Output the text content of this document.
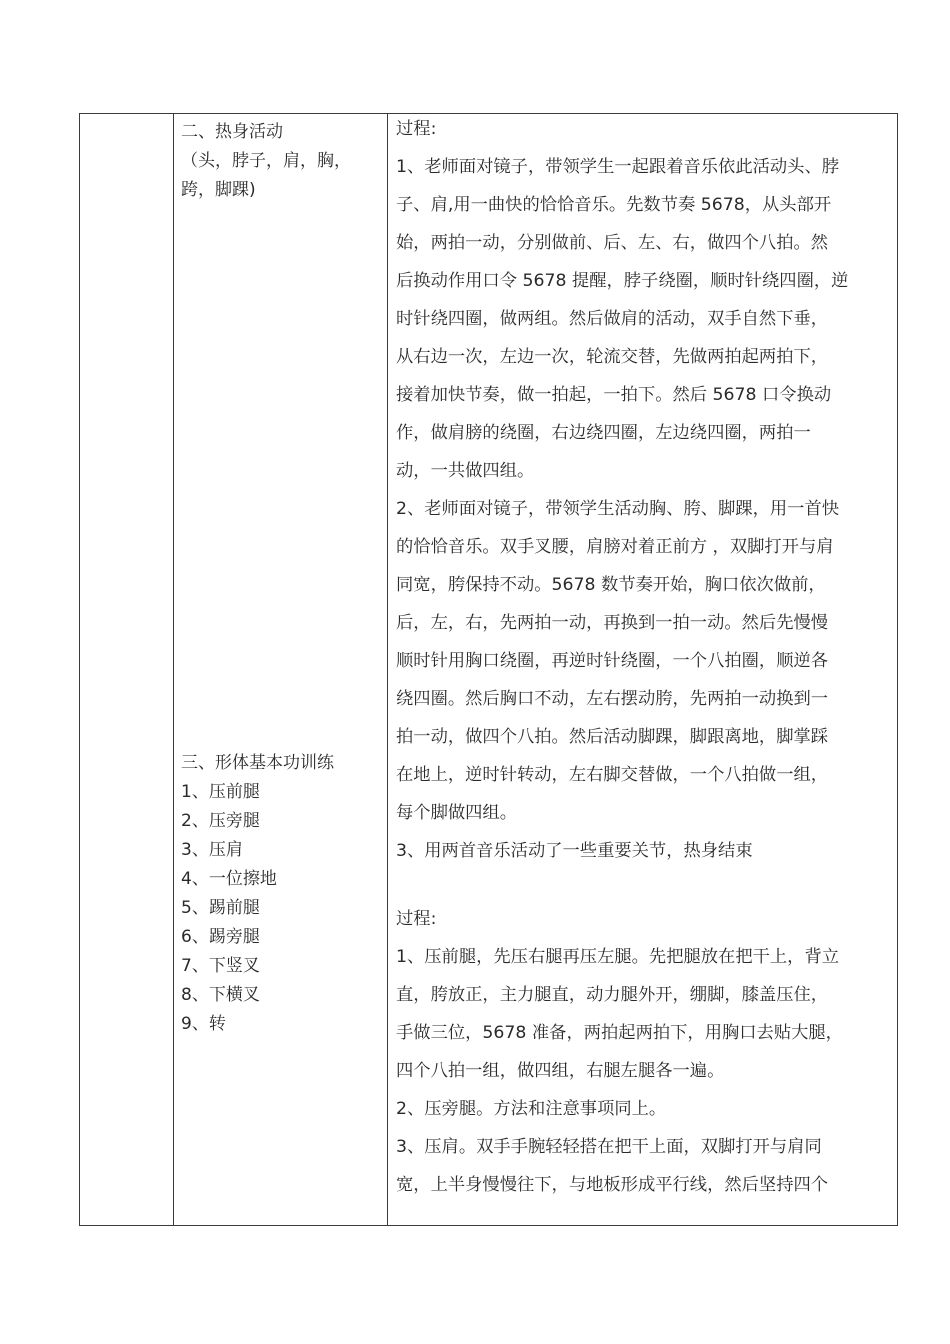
二、热身活动
（头，脖子，肩，胸，
跨，脚踝)
三、形体基本功训练
1、压前腿
2、压旁腿
3、压肩
4、一位擦地
5、踢前腿
6、踢旁腿
7、下竖叉
8、下横叉
9、转
过程:
1、老师面对镜子，带领学生一起跟着音乐依此活动头、脖
子、肩,用一曲快的恰恰音乐。先数节奏 5678，从头部开
始，两拍一动，分别做前、后、左、右，做四个八拍。然
后换动作用口令 5678 提醒，脖子绕圈，顺时针绕四圈，逆
时针绕四圈，做两组。然后做肩的活动，双手自然下垂，
从右边一次，左边一次，轮流交替，先做两拍起两拍下，
接着加快节奏，做一拍起，一拍下。然后 5678 口令换动
作，做肩膀的绕圈，右边绕四圈，左边绕四圈，两拍一
动，一共做四组。
2、老师面对镜子，带领学生活动胸、胯、脚踝，用一首快
的恰恰音乐。双手叉腰，肩膀对着正前方 ，双脚打开与肩
同宽，胯保持不动。5678 数节奏开始，胸口依次做前，
后，左，右，先两拍一动，再换到一拍一动。然后先慢慢
顺时针用胸口绕圈，再逆时针绕圈，一个八拍圈，顺逆各
绕四圈。然后胸口不动，左右摆动胯，先两拍一动换到一
拍一动，做四个八拍。然后活动脚踝，脚跟离地，脚掌踩
在地上，逆时针转动，左右脚交替做，一个八拍做一组，
每个脚做四组。
3、用两首音乐活动了一些重要关节，热身结束
过程:
1、压前腿，先压右腿再压左腿。先把腿放在把干上，背立
直，胯放正，主力腿直，动力腿外开，绷脚，膝盖压住，
手做三位，5678 准备，两拍起两拍下，用胸口去贴大腿，
四个八拍一组，做四组，右腿左腿各一遍。
2、压旁腿。方法和注意事项同上。
3、压肩。双手手腕轻轻搭在把干上面，双脚打开与肩同
宽，上半身慢慢往下，与地板形成平行线，然后坚持四个
